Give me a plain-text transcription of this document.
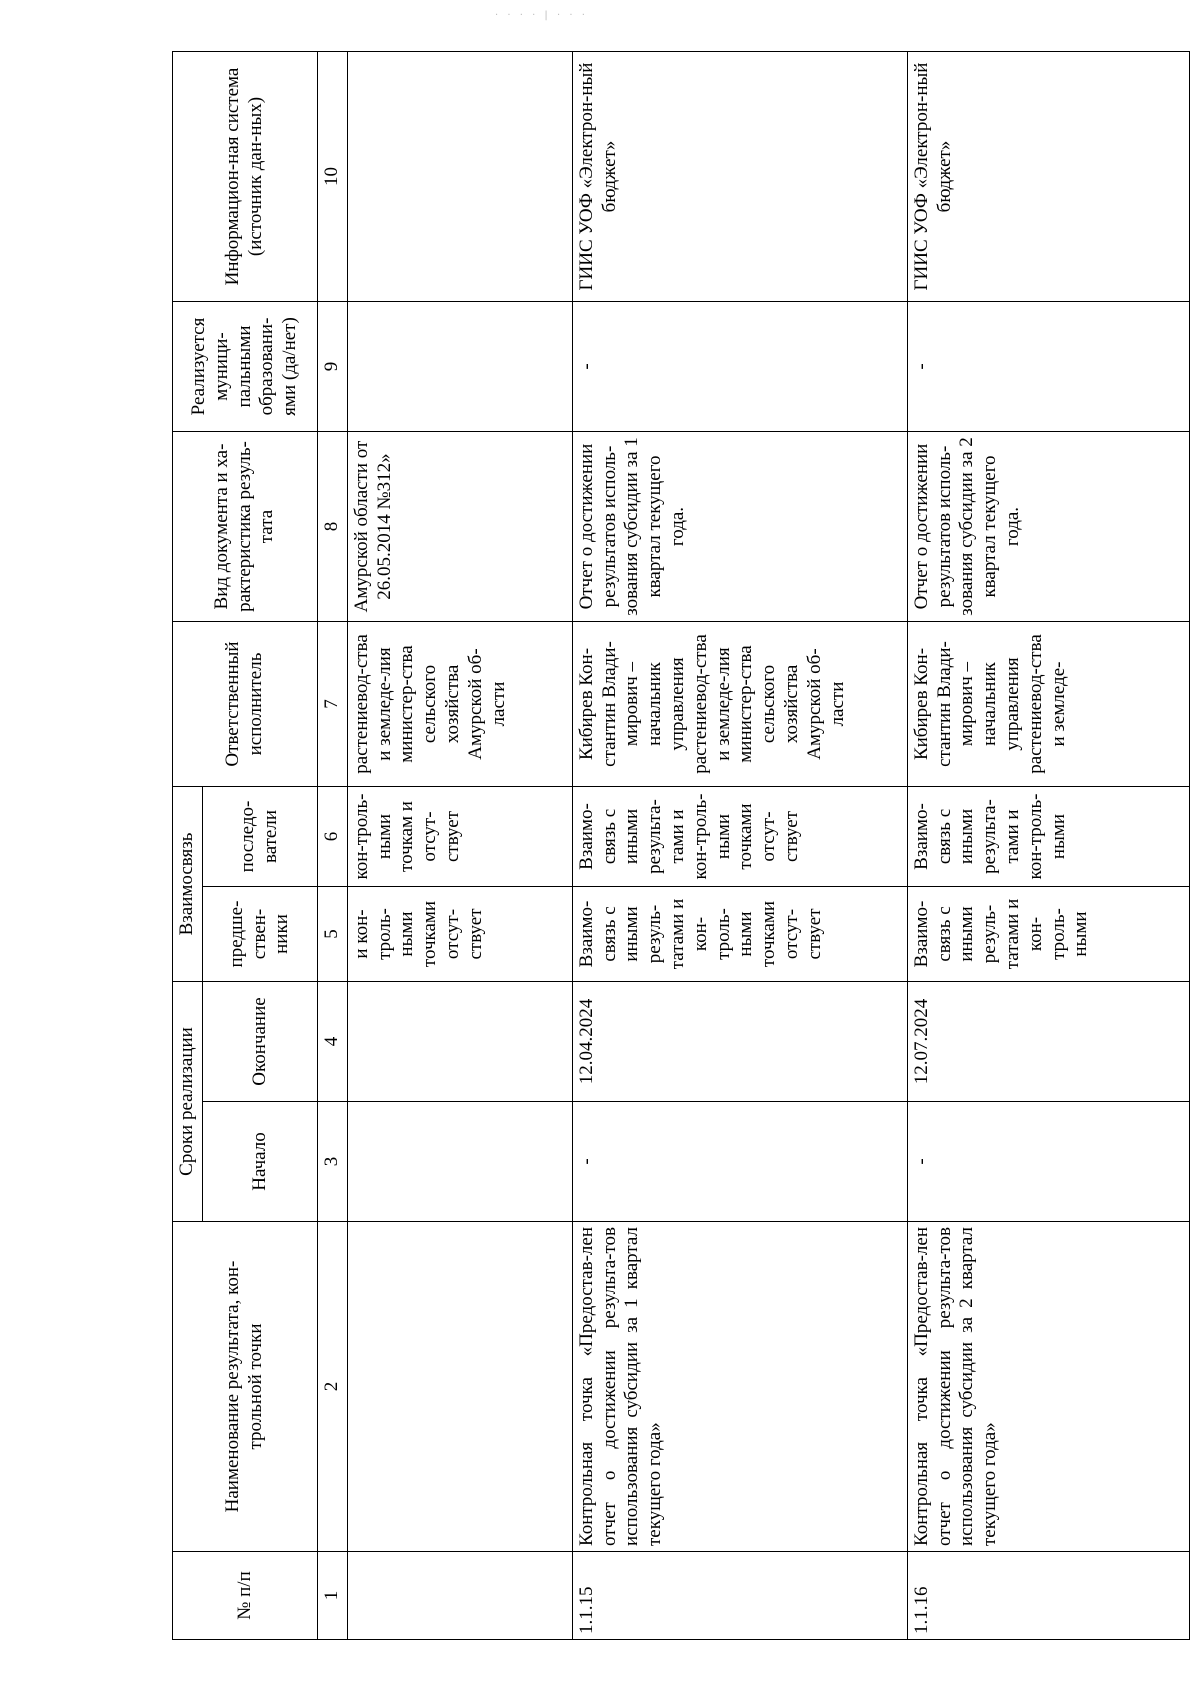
· · · · | · · ·
№ п/п	Наименование результата, кон-трольной точки	Сроки реализации		Взаимосвязь		Ответственный исполнитель	Вид документа и ха-рактеристика резуль-тата	Реализуется муници-пальными образовани-ями (да/нет)	Информацион-ная система (источник дан-ных)
		Начало	Окончание	предше-ствен-ники	последо-ватели				
1	2	3	4	5	6	7	8	9	10
				и кон-троль-ными точками отсут-ствует	кон-троль-ными точкам и отсут-ствует	растениевод-ства и земледе-лия министер-ства сельского хозяйства Амурской об-ласти	Амурской области от 26.05.2014 №312»		
1.1.15	Контрольная точка «Предостав-лен отчет о достижении результа-тов использования субсидии за 1 квартал текущего года»	-	12.04.2024	Взаимо-связь с иными резуль-татами и кон-троль-ными точками отсут-ствует	Взаимо-связь с иными результа-тами и кон-троль-ными точками отсут-ствует	Кибирев Кон-стантин Влади-мирович – начальник управления растениевод-ства и земледе-лия министер-ства сельского хозяйства Амурской об-ласти	Отчет о достижении результатов исполь-зования субсидии за 1 квартал текущего года.	-	ГИИС УОФ «Электрон-ный бюджет»
1.1.16	Контрольная точка «Предостав-лен отчет о достижении результа-тов использования субсидии за 2 квартал текущего года»	-	12.07.2024	Взаимо-связь с иными резуль-татами и кон-троль-ными	Взаимо-связь с иными результа-тами и кон-троль-ными	Кибирев Кон-стантин Влади-мирович – начальник управления растениевод-ства и земледе-	Отчет о достижении результатов исполь-зования субсидии за 2 квартал текущего года.	-	ГИИС УОФ «Электрон-ный бюджет»
